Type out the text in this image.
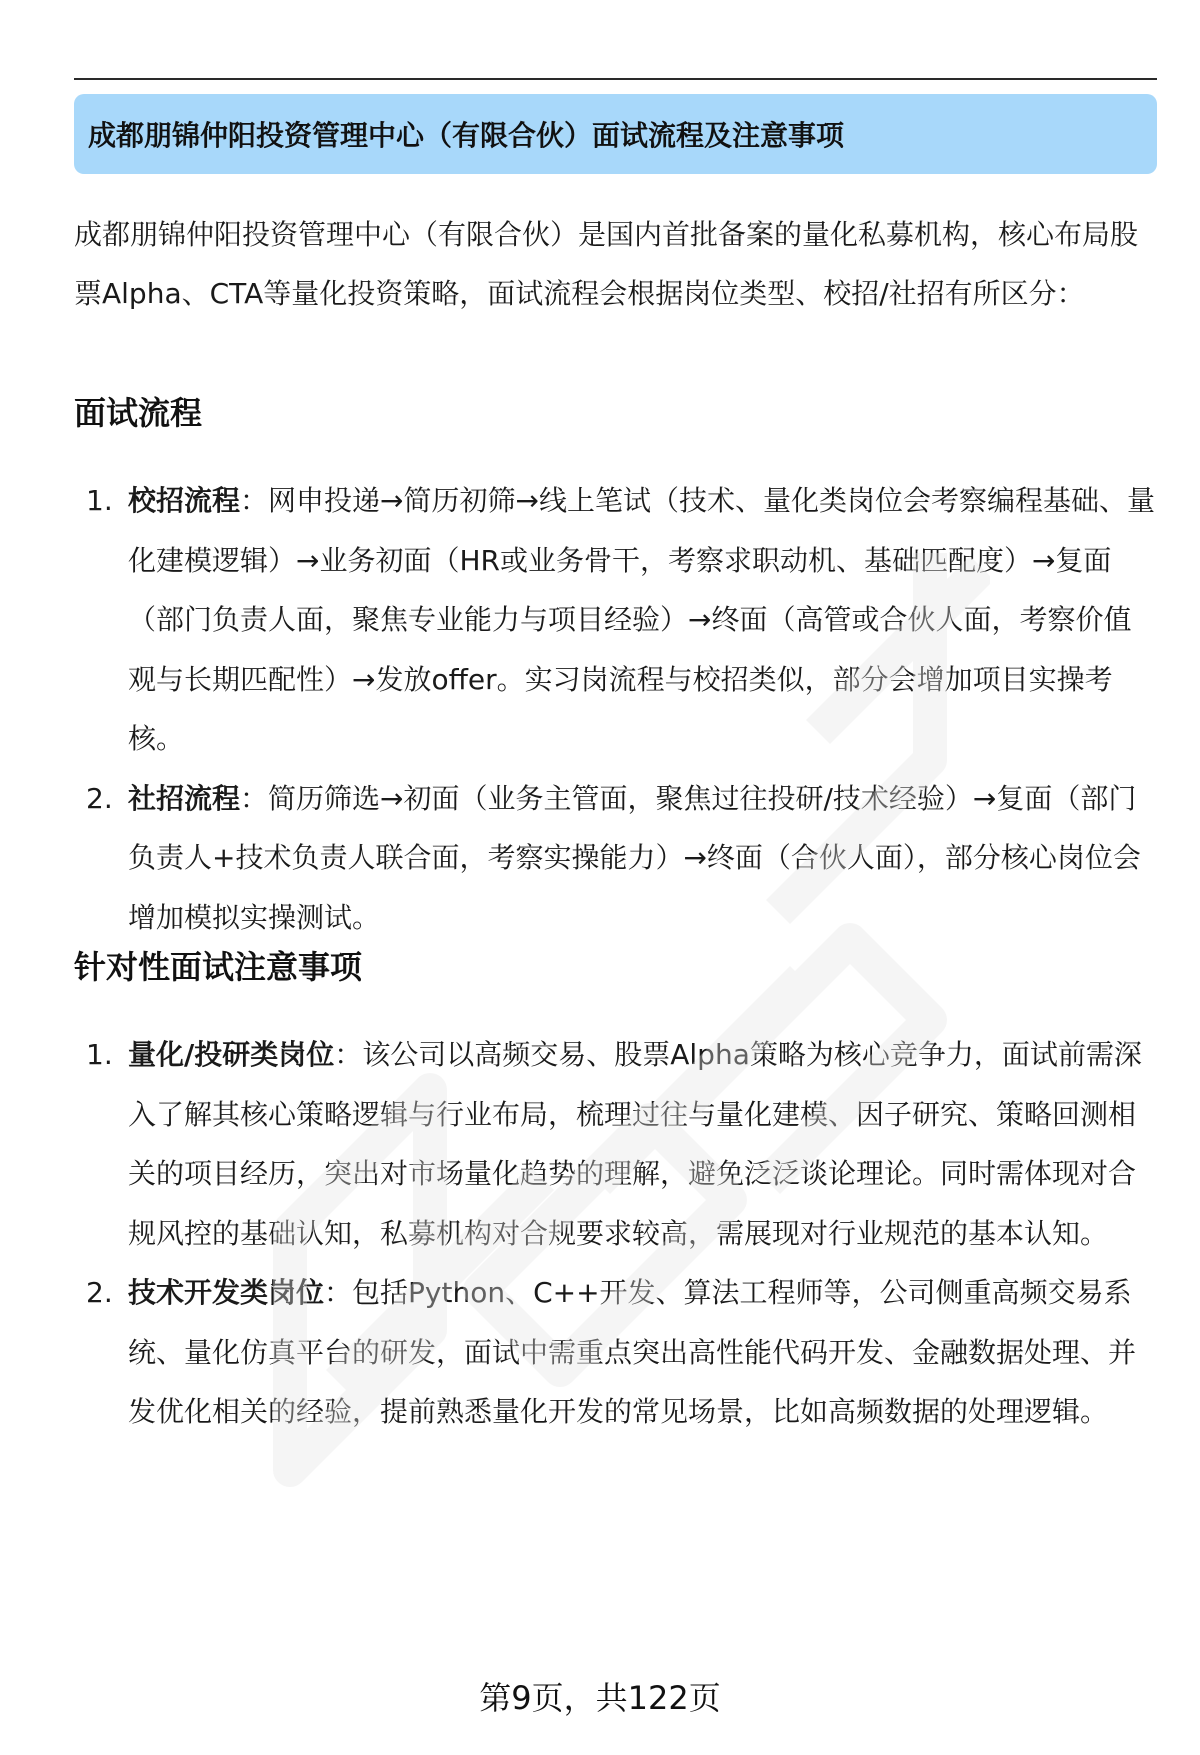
成都朋锦仲阳投资管理中心（有限合伙）面试流程及注意事项

成都朋锦仲阳投资管理中心（有限合伙）是国内首批备案的量化私募机构，核心布局股票Alpha、CTA等量化投资策略，面试流程会根据岗位类型、校招/社招有所区分：

面试流程
1. 校招流程：网申投递→简历初筛→线上笔试（技术、量化类岗位会考察编程基础、量化建模逻辑）→业务初面（HR或业务骨干，考察求职动机、基础匹配度）→复面（部门负责人面，聚焦专业能力与项目经验）→终面（高管或合伙人面，考察价值观与长期匹配性）→发放offer。实习岗流程与校招类似，部分会增加项目实操考核。
2. 社招流程：简历筛选→初面（业务主管面，聚焦过往投研/技术经验）→复面（部门负责人+技术负责人联合面，考察实操能力）→终面（合伙人面），部分核心岗位会增加模拟实操测试。
针对性面试注意事项
1. 量化/投研类岗位：该公司以高频交易、股票Alpha策略为核心竞争力，面试前需深入了解其核心策略逻辑与行业布局，梳理过往与量化建模、因子研究、策略回测相关的项目经历，突出对市场量化趋势的理解，避免泛泛谈论理论。同时需体现对合规风控的基础认知，私募机构对合规要求较高，需展现对行业规范的基本认知。
2. 技术开发类岗位：包括Python、C++开发、算法工程师等，公司侧重高频交易系统、量化仿真平台的研发，面试中需重点突出高性能代码开发、金融数据处理、并发优化相关的经验，提前熟悉量化开发的常见场景，比如高频数据的处理逻辑。

第9页，共122页
